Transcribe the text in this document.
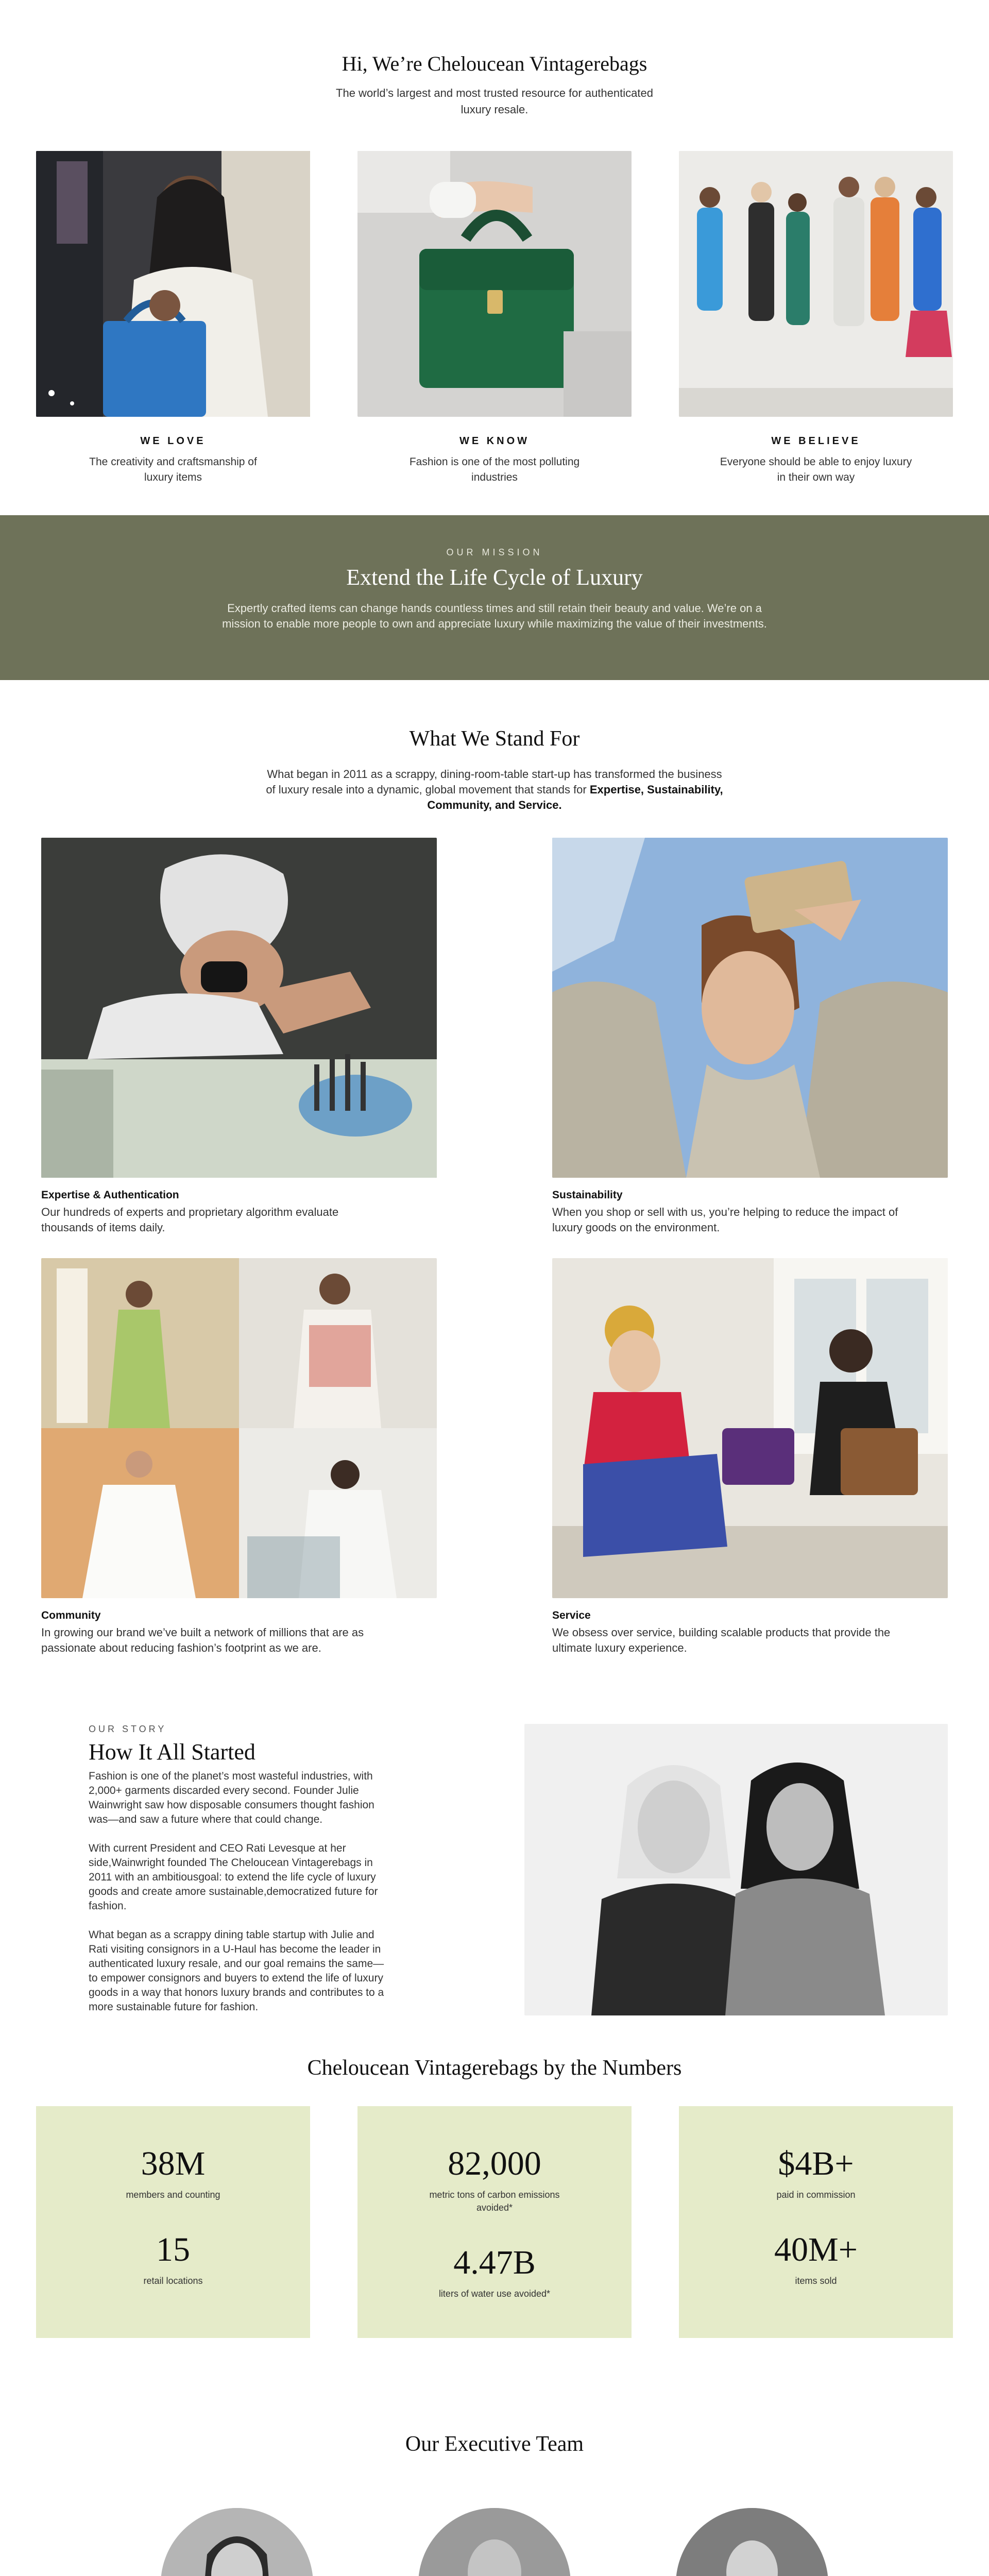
Hi, We’re Cheloucean Vintagerebags

The world’s largest and most trusted resource for authenticated luxury resale.

WE LOVE
The creativity and craftsmanship of luxury items
WE KNOW
Fashion is one of the most polluting industries
WE BELIEVE
Everyone should be able to enjoy luxury in their own way
OUR MISSION
Extend the Life Cycle of Luxury

Expertly crafted items can change hands countless times and still retain their beauty and value. We’re on a mission to enable more people to own and appreciate luxury while maximizing the value of their investments.

What We Stand For

What began in 2011 as a scrappy, dining-room-table start-up has transformed the business of luxury resale into a dynamic, global movement that stands for Expertise, Sustainability, Community, and Service.

Expertise & Authentication
Our hundreds of experts and proprietary algorithm evaluate thousands of items daily.
Sustainability
When you shop or sell with us, you’re helping to reduce the impact of luxury goods on the environment.
Community
In growing our brand we’ve built a network of millions that are as passionate about reducing fashion’s footprint as we are.
Service
We obsess over service, building scalable products that provide the ultimate luxury experience.
OUR STORY
How It All Started

Fashion is one of the planet’s most wasteful industries, with 2,000+ garments discarded every second. Founder Julie Wainwright saw how disposable consumers thought fashion was—and saw a future where that could change.

With current President and CEO Rati Levesque at her side,Wainwright founded The Cheloucean Vintagerebags in 2011 with an ambitiousgoal: to extend the life cycle of luxury goods and create amore sustainable,democratized future for fashion.

What began as a scrappy dining table startup with Julie and Rati visiting consignors in a U-Haul has become the leader in authenticated luxury resale, and our goal remains the same—to empower consignors and buyers to extend the life of luxury goods in a way that honors luxury brands and contributes to a more sustainable future for fashion.

Cheloucean Vintagerebags by the Numbers
38M
members and counting
15
retail locations
82,000
metric tons of carbon emissions avoided*
4.47B
liters of water use avoided*
$4B+
paid in commission
40M+
items sold
Our Executive Team
